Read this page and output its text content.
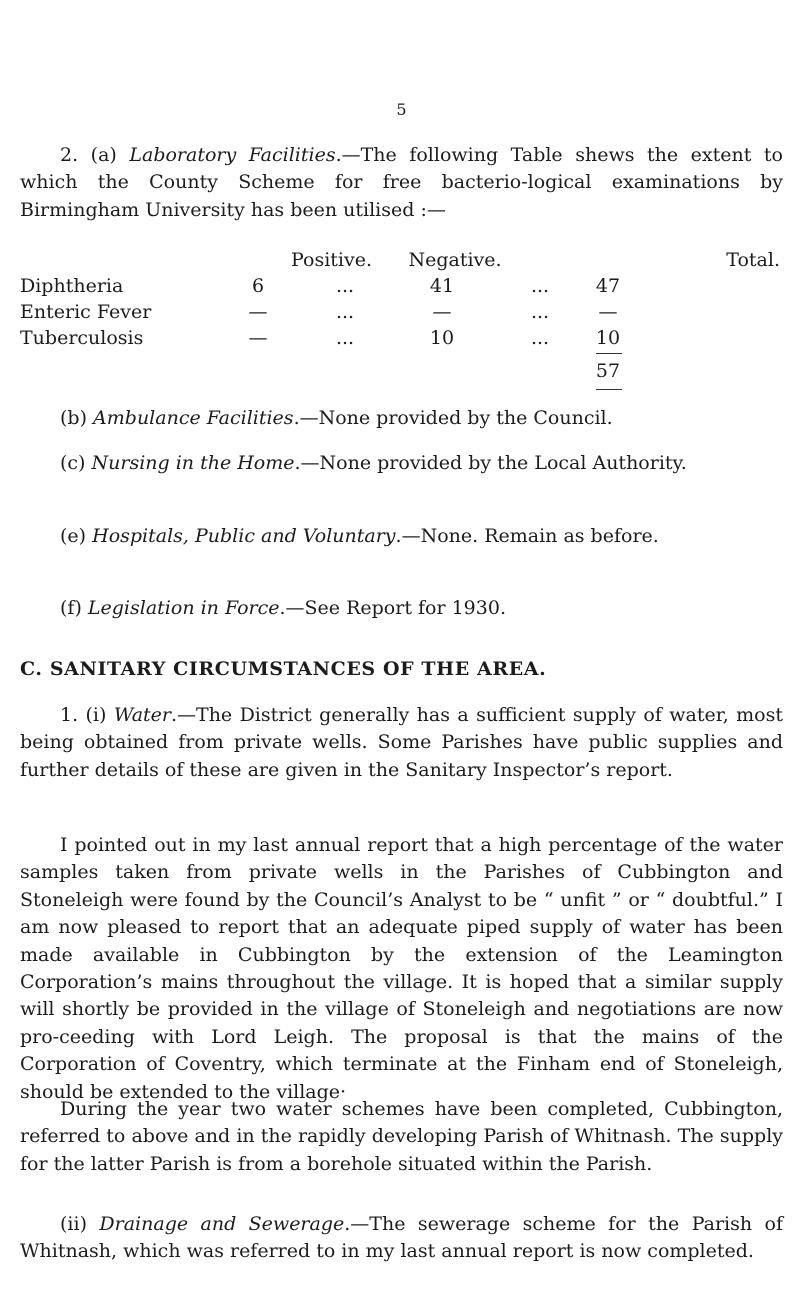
5
2. (a) Laboratory Facilities.—The following Table shews the extent to which the County Scheme for free bacterio-logical examinations by Birmingham University has been utilised :—
Positive.	Negative.	Total.
Diphtheria	6	...	41	...	47
Enteric Fever	—	...	—	...	—
Tuberculosis	—	...	10	...	10
57
(b) Ambulance Facilities.—None provided by the Council.
(c) Nursing in the Home.—None provided by the Local Authority.
(e) Hospitals, Public and Voluntary.—None. Remain as before.
(f) Legislation in Force.—See Report for 1930.
C. SANITARY CIRCUMSTANCES OF THE AREA.
1. (i) Water.—The District generally has a sufficient supply of water, most being obtained from private wells. Some Parishes have public supplies and further details of these are given in the Sanitary Inspector’s report.
I pointed out in my last annual report that a high percentage of the water samples taken from private wells in the Parishes of Cubbington and Stoneleigh were found by the Council’s Analyst to be “ unfit ” or “ doubtful.” I am now pleased to report that an adequate piped supply of water has been made available in Cubbington by the extension of the Leamington Corporation’s mains throughout the village. It is hoped that a similar supply will shortly be provided in the village of Stoneleigh and negotiations are now pro-ceeding with Lord Leigh. The proposal is that the mains of the Corporation of Coventry, which terminate at the Finham end of Stoneleigh, should be extended to the village·
During the year two water schemes have been completed, Cubbington, referred to above and in the rapidly developing Parish of Whitnash. The supply for the latter Parish is from a borehole situated within the Parish.
(ii) Drainage and Sewerage.—The sewerage scheme for the Parish of Whitnash, which was referred to in my last annual report is now completed.
